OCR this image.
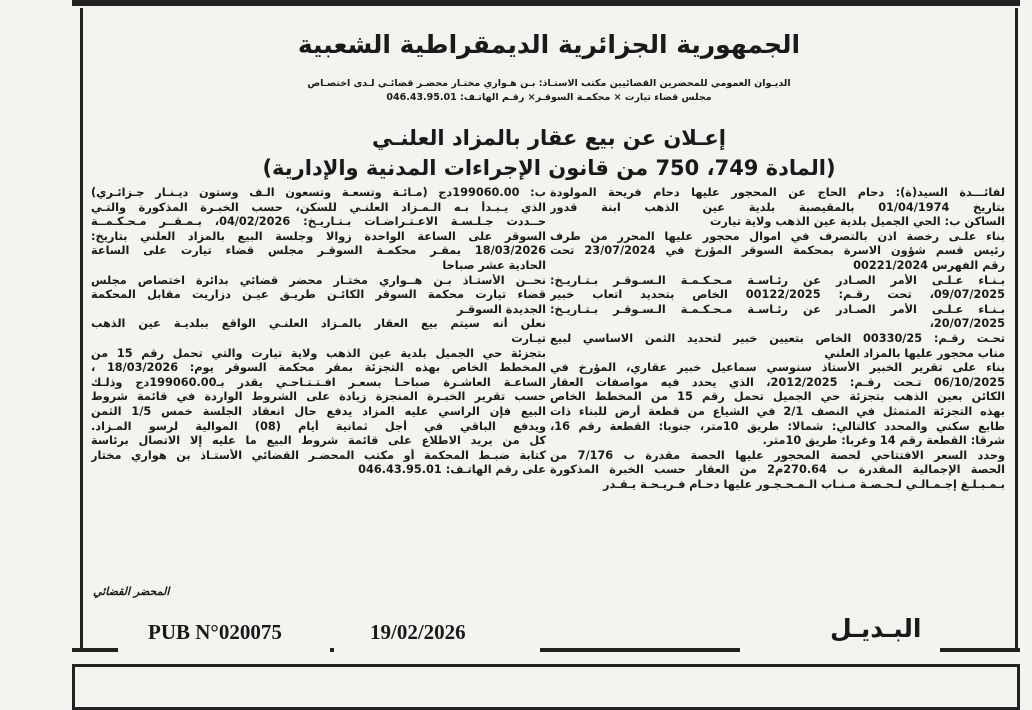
الجمهورية الجزائرية الديمقراطية الشعبية
الديـوان العمومي للمحضرين القضائيين مكتب الاستـاذ: بـن هـواري مختـار محضـر قضائـي لـدى اختصـاص
مجلس قضاء تيارت × محكمـة السوقـر× رقـم الهاتـف: 046.43.95.01
إعـلان عن بيع عقار بالمزاد العلنـي
(المادة 749، 750 من قانون الإجراءات المدنية والإدارية)
لفائـــدة السيد(ة): دحام الحاج عن المحجور عليها دحام فريحة المولودة
بتاريخ 01/04/1974 بالمقيصبة بلدية عين الذهب ابنة قدور
الساكن ب: الحي الجميل بلدية عين الذهب ولاية تيارت
بناء علـى رخصة اذن بالتصرف في اموال محجور عليها المحرر من طرف
رئيس قسم شؤون الاسرة بمحكمة السوقر المؤرخ في 23/07/2024 تحت
رقم الفهرس 00221/2024
بـنـاء عـلـى الأمر الصـادر عن رئـاسـة مـحـكـمـة الـسـوقـر بـتـاريـخ:
09/07/2025، تحت رقـم: 00122/2025 الخاص بتحديد اتعاب خبير
بـنـاء عـلـى الأمر الصـادر عن رئـاسـة مـحـكـمـة الـسـوقـر بـتـاريـخ:
20/07/2025،
تحـت رقـم: 00330/25 الخاص بتعيين خبير لتحديد الثمن الاساسي لبيع
مناب محجور عليها بالمزاد العلني
بناء على تقرير الخبير الأستاذ سنوسي سماعيل خبير عقاري، المؤرخ في
06/10/2025 تـحت رقـم: 2012/2025، الذي يحدد فيه مواصفات العقار
الكائن بعين الذهب بتجزئة حي الجميل تحمل رقم 15 من المخطط الخاص
بهذه التجزئة المتمثل في النصف 2/1 في الشياع من قطعة أرض للبناء ذات
طابع سكني والمحدد كالتالي: شمالا: طريق 10متر، جنوبا: القطعة رقم 16،
شرقا: القطعة رقم 14 وغربا: طريق 10متر.
وحدد السعر الافتتاحي لحصة المحجور عليها الحصة مقدرة ب 7/176 من
الحصة الإجمالية المقدرة ب 270.64م2 من العقار حسب الخبرة المذكورة
بـمـبـلـغ إجـمـالـي لـحـصـة مـنـاب الـمـحـجـور عليها دحـام فـريـحـة يـقـدر
ب: 199060.00دج (مـائـة وتسعـة وتسعون الـف وستون ديـنـار جـزائـري)
الذي يـبـدأ بـه الـمـزاد العلنـي للسكن، حسب الخبـرة المذكورة والتـي
حــددت جـلـسـة الاعـتـراضـات بـتـاريـخ: 04/02/2026، بـمـقــر مـحـكـمــة
السوقر على الساعة الواحدة زوالا وجلسة البيع بالمزاد العلني بتاريخ:
18/03/2026 بمقـر محكمـة السوقـر مجلس قضاء تيارت على الساعة
الحادية عشر صباحا
نحــن الأستـاذ بـن هــواري مختـار محضر قضائي بدائرة اختصاص مجلس
قضاء تيارت محكمة السوقر الكائـن طريـق عيـن دزاريت مقابل المحكمة
الجديدة السوقـر
نعلن أنه سيتم بيع العقار بالمـزاد العلنـي الواقع ببلديـة عين الذهب
تيـارت
بتجزئة حي الجميل بلدية عين الذهب ولاية تيارت والتي تحمل رقم 15 من
المخطط الخاص بهذه التجزئة بمقر محكمة السوقر يوم: 18/03/2026 ،
الساعـة العاشـرة صباحـا بسعـر افـتـتـاحـي يقدر بـ199060.00دج وذلـك
حسب تقرير الخبـرة المنجزة زيادة على الشروط الواردة في قائمة شروط
البيع فإن الراسي عليه المزاد يدفع حال انعقاد الجلسة خمس 1/5 الثمن
ويدفع الباقي في أجل ثمانية أيام (08) الموالية لرسو المـزاد.
كل من يريد الاطلاع على قائمة شروط البيع ما عليه إلا الاتصال برئاسة
كتابة ضبـط المحكمة أو مكتب المحضـر القضائي الأستـاذ بن هواري مختار
على رقم الهاتـف: 046.43.95.01
المحضر القضائي
PUB N°020075	19/02/2026	البـديـل
